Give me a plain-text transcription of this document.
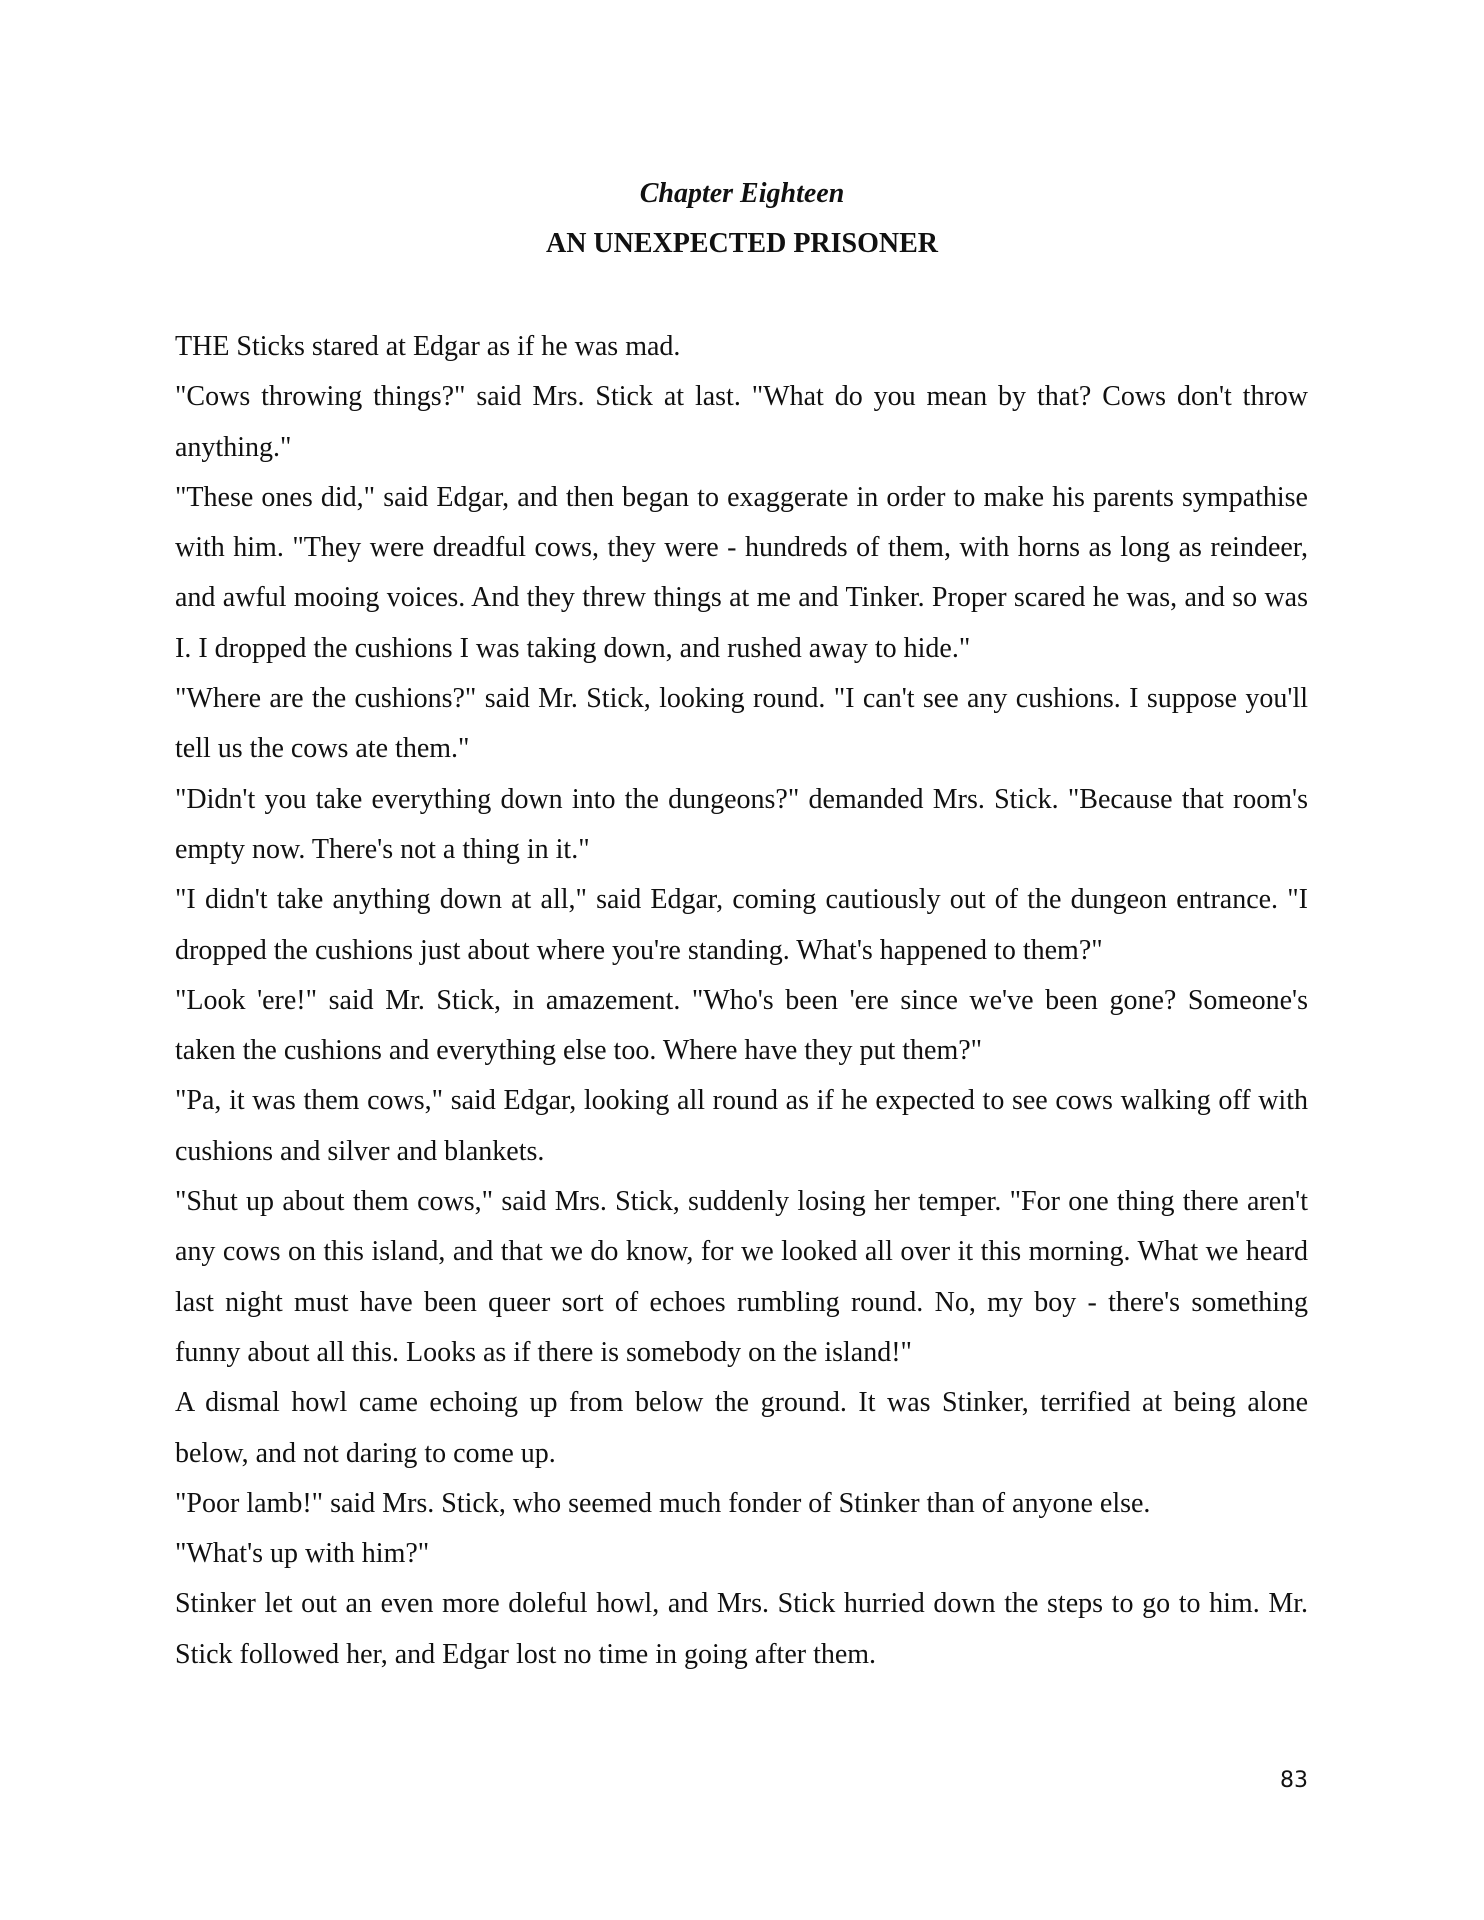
Chapter Eighteen
AN UNEXPECTED PRISONER

THE Sticks stared at Edgar as if he was mad.

"Cows throwing things?" said Mrs. Stick at last. "What do you mean by that? Cows don't throw anything."

"These ones did," said Edgar, and then began to exaggerate in order to make his parents sympathise with him. "They were dreadful cows, they were - hundreds of them, with horns as long as reindeer, and awful mooing voices. And they threw things at me and Tinker. Proper scared he was, and so was I. I dropped the cushions I was taking down, and rushed away to hide."

"Where are the cushions?" said Mr. Stick, looking round. "I can't see any cushions. I suppose you'll tell us the cows ate them."

"Didn't you take everything down into the dungeons?" demanded Mrs. Stick. "Because that room's empty now. There's not a thing in it."

"I didn't take anything down at all," said Edgar, coming cautiously out of the dungeon entrance. "I dropped the cushions just about where you're standing. What's happened to them?"

"Look 'ere!" said Mr. Stick, in amazement. "Who's been 'ere since we've been gone? Someone's taken the cushions and everything else too. Where have they put them?"

"Pa, it was them cows," said Edgar, looking all round as if he expected to see cows walking off with cushions and silver and blankets.

"Shut up about them cows," said Mrs. Stick, suddenly losing her temper. "For one thing there aren't any cows on this island, and that we do know, for we looked all over it this morning. What we heard last night must have been queer sort of echoes rumbling round. No, my boy - there's something funny about all this. Looks as if there is somebody on the island!"

A dismal howl came echoing up from below the ground. It was Stinker, terrified at being alone below, and not daring to come up.

"Poor lamb!" said Mrs. Stick, who seemed much fonder of Stinker than of anyone else.

"What's up with him?"

Stinker let out an even more doleful howl, and Mrs. Stick hurried down the steps to go to him. Mr. Stick followed her, and Edgar lost no time in going after them.

83
